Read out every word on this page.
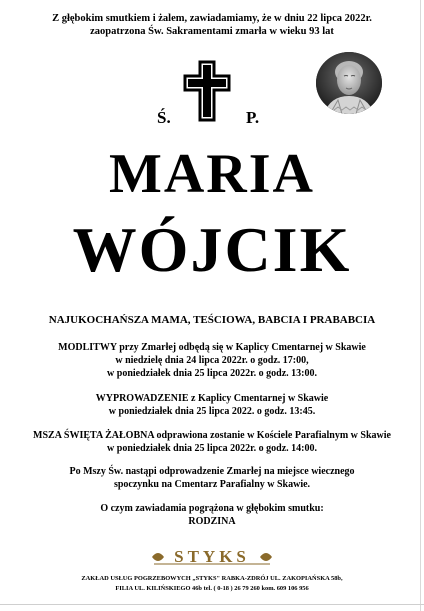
Z głębokim smutkiem i żalem, zawiadamiamy, że w dniu 22 lipca 2022r.
zaopatrzona Św. Sakramentami zmarła w wieku 93 lat
Ś.	P.
MARIA
WÓJCIK
NAJUKOCHAŃSZA MAMA, TEŚCIOWA, BABCIA I PRABABCIA
MODLITWY przy Zmarłej odbędą się w Kaplicy Cmentarnej w Skawie
w niedzielę dnia 24 lipca 2022r. o godz. 17:00,
w poniedziałek dnia 25 lipca 2022r. o godz. 13:00.
WYPROWADZENIE z Kaplicy Cmentarnej w Skawie
w poniedziałek dnia 25 lipca 2022. o godz. 13:45.
MSZA ŚWIĘTA ŻAŁOBNA odprawiona zostanie w Kościele Parafialnym w Skawie
w poniedziałek dnia 25 lipca 2022r. o godz. 14:00.
Po Mszy Św. nastąpi odprowadzenie Zmarłej na miejsce wiecznego
spoczynku na Cmentarz Parafialny w Skawie.
O czym zawiadamia pogrążona w głębokim smutku:
RODZINA
STYKS
ZAKŁAD USŁUG POGRZEBOWYCH „STYKS" RABKA-ZDRÓJ UL. ZAKOPIAŃSKA 58b,
FILIA UL. KILIŃSKIEGO 46b tel. ( 0-18 ) 26 79 260 kom. 609 106 956
